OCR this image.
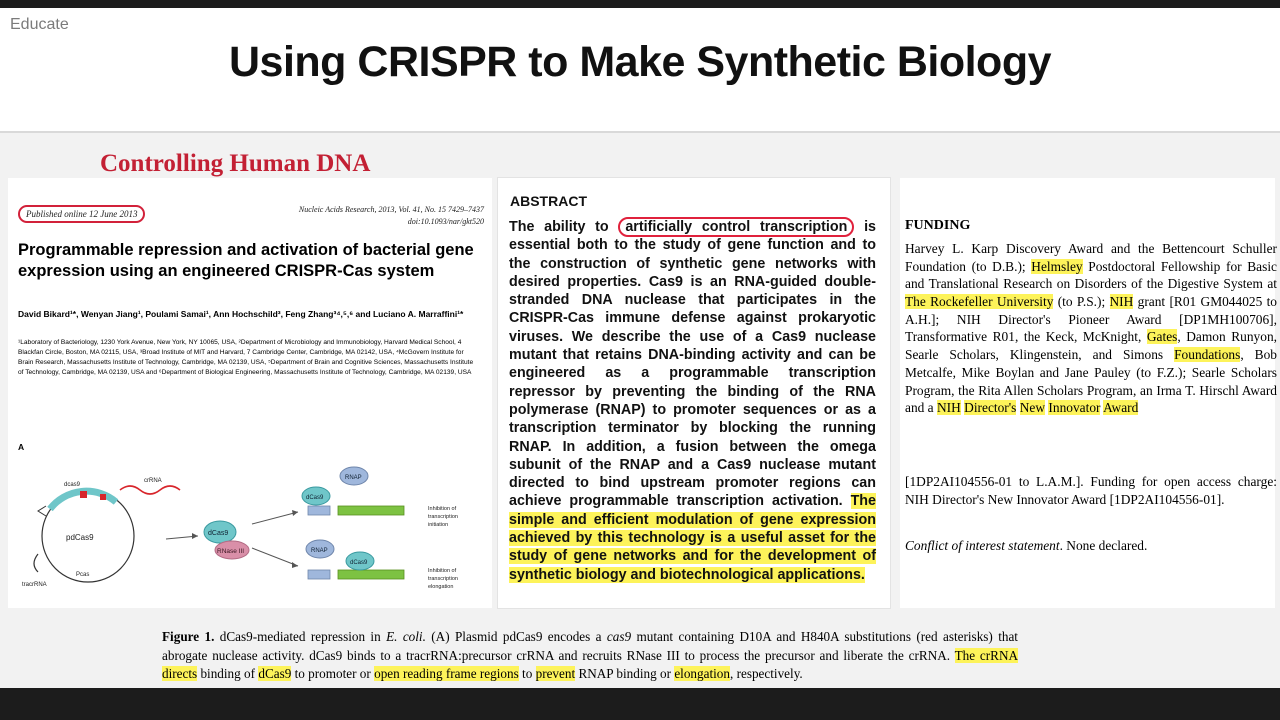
Educate
Using CRISPR to Make Synthetic Biology
Controlling Human DNA
Published online 12 June 2013	Nucleic Acids Research, 2013, Vol. 41, No. 15 7429–7437
doi:10.1093/nar/gkt520
Programmable repression and activation of bacterial gene expression using an engineered CRISPR-Cas system
David Bikard¹*, Wenyan Jiang¹, Poulami Samai¹, Ann Hochschild³, Feng Zhang³⁴,⁵,⁶ and Luciano A. Marraffini¹*
¹Laboratory of Bacteriology, 1230 York Avenue, New York, NY 10065, USA, ²Department of Microbiology and Immunobiology, Harvard Medical School, 4 Blackfan Circle, Boston, MA 02115, USA, ³Broad Institute of MIT and Harvard, 7 Cambridge Center, Cambridge, MA 02142, USA, ⁴McGovern Institute for Brain Research, Massachusetts Institute of Technology, Cambridge, MA 02139, USA, ⁵Department of Brain and Cognitive Sciences, Massachusetts Institute of Technology, Cambridge, MA 02139, USA and ⁶Department of Biological Engineering, Massachusetts Institute of Technology, Cambridge, MA 02139, USA
A
dcas9
Pcas
pdCas9
crRNA
tracrRNA
dCas9
RNase III
dCas9
RNAP
Inhibition of
transcription
initiation
dCas9
RNAP
Inhibition of
transcription
elongation
ABSTRACT
The ability to artificially control transcription is essential both to the study of gene function and to the construction of synthetic gene networks with desired properties. Cas9 is an RNA-guided double-stranded DNA nuclease that participates in the CRISPR-Cas immune defense against prokaryotic viruses. We describe the use of a Cas9 nuclease mutant that retains DNA-binding activity and can be engineered as a programmable transcription repressor by preventing the binding of the RNA polymerase (RNAP) to promoter sequences or as a transcription terminator by blocking the running RNAP. In addition, a fusion between the omega subunit of the RNAP and a Cas9 nuclease mutant directed to bind upstream promoter regions can achieve programmable transcription activation. The simple and efficient modulation of gene expression achieved by this technology is a useful asset for the study of gene networks and for the development of synthetic biology and biotechnological applications.
FUNDING
Harvey L. Karp Discovery Award and the Bettencourt Schuller Foundation (to D.B.); Helmsley Postdoctoral Fellowship for Basic and Translational Research on Disorders of the Digestive System at The Rockefeller University (to P.S.); NIH grant [R01 GM044025 to A.H.]; NIH Director's Pioneer Award [DP1MH100706], Transformative R01, the Keck, McKnight, Gates, Damon Runyon, Searle Scholars, Klingenstein, and Simons Foundations, Bob Metcalfe, Mike Boylan and Jane Pauley (to F.Z.); Searle Scholars Program, the Rita Allen Scholars Program, an Irma T. Hirschl Award and a NIH Director's New Innovator Award
[1DP2AI104556-01 to L.A.M.]. Funding for open access charge: NIH Director's New Innovator Award [1DP2AI104556-01].
Conflict of interest statement. None declared.
Figure 1. dCas9-mediated repression in E. coli. (A) Plasmid pdCas9 encodes a cas9 mutant containing D10A and H840A substitutions (red asterisks) that abrogate nuclease activity. dCas9 binds to a tracrRNA:precursor crRNA and recruits RNase III to process the precursor and liberate the crRNA. The crRNA directs binding of dCas9 to promoter or open reading frame regions to prevent RNAP binding or elongation, respectively.
